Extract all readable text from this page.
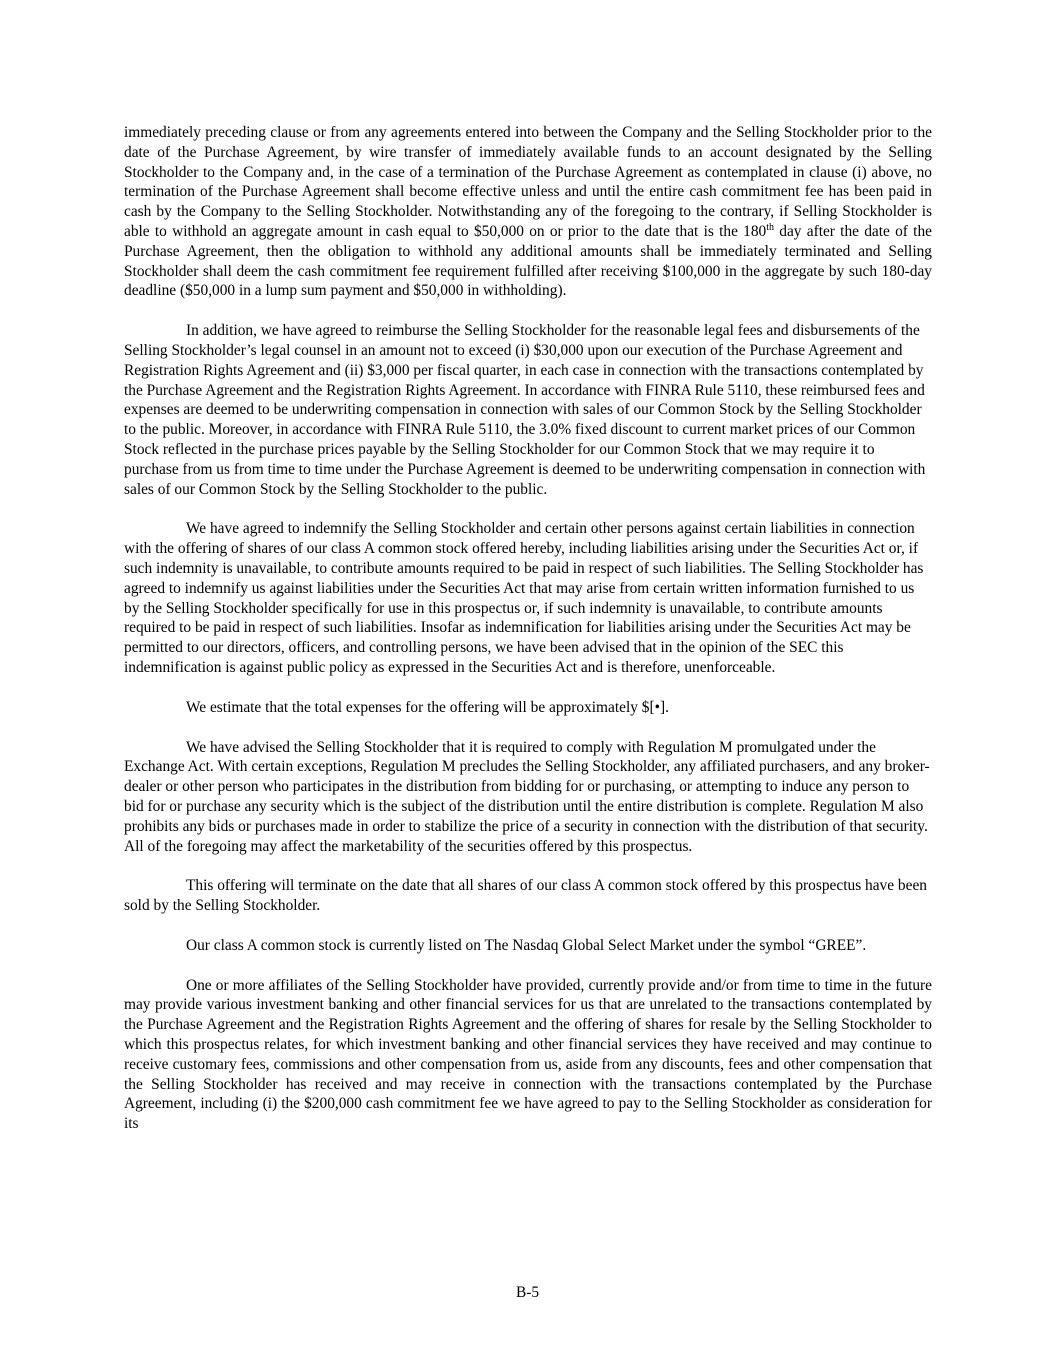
immediately preceding clause or from any agreements entered into between the Company and the Selling Stockholder prior to the date of the Purchase Agreement, by wire transfer of immediately available funds to an account designated by the Selling Stockholder to the Company and, in the case of a termination of the Purchase Agreement as contemplated in clause (i) above, no termination of the Purchase Agreement shall become effective unless and until the entire cash commitment fee has been paid in cash by the Company to the Selling Stockholder. Notwithstanding any of the foregoing to the contrary, if Selling Stockholder is able to withhold an aggregate amount in cash equal to $50,000 on or prior to the date that is the 180th day after the date of the Purchase Agreement, then the obligation to withhold any additional amounts shall be immediately terminated and Selling Stockholder shall deem the cash commitment fee requirement fulfilled after receiving $100,000 in the aggregate by such 180-day deadline ($50,000 in a lump sum payment and $50,000 in withholding).

In addition, we have agreed to reimburse the Selling Stockholder for the reasonable legal fees and disbursements of the Selling Stockholder’s legal counsel in an amount not to exceed (i) $30,000 upon our execution of the Purchase Agreement and Registration Rights Agreement and (ii) $3,000 per fiscal quarter, in each case in connection with the transactions contemplated by the Purchase Agreement and the Registration Rights Agreement. In accordance with FINRA Rule 5110, these reimbursed fees and expenses are deemed to be underwriting compensation in connection with sales of our Common Stock by the Selling Stockholder to the public. Moreover, in accordance with FINRA Rule 5110, the 3.0% fixed discount to current market prices of our Common Stock reflected in the purchase prices payable by the Selling Stockholder for our Common Stock that we may require it to purchase from us from time to time under the Purchase Agreement is deemed to be underwriting compensation in connection with sales of our Common Stock by the Selling Stockholder to the public.

We have agreed to indemnify the Selling Stockholder and certain other persons against certain liabilities in connection with the offering of shares of our class A common stock offered hereby, including liabilities arising under the Securities Act or, if such indemnity is unavailable, to contribute amounts required to be paid in respect of such liabilities. The Selling Stockholder has agreed to indemnify us against liabilities under the Securities Act that may arise from certain written information furnished to us by the Selling Stockholder specifically for use in this prospectus or, if such indemnity is unavailable, to contribute amounts required to be paid in respect of such liabilities. Insofar as indemnification for liabilities arising under the Securities Act may be permitted to our directors, officers, and controlling persons, we have been advised that in the opinion of the SEC this indemnification is against public policy as expressed in the Securities Act and is therefore, unenforceable.

We estimate that the total expenses for the offering will be approximately $[•].

We have advised the Selling Stockholder that it is required to comply with Regulation M promulgated under the Exchange Act. With certain exceptions, Regulation M precludes the Selling Stockholder, any affiliated purchasers, and any broker-dealer or other person who participates in the distribution from bidding for or purchasing, or attempting to induce any person to bid for or purchase any security which is the subject of the distribution until the entire distribution is complete. Regulation M also prohibits any bids or purchases made in order to stabilize the price of a security in connection with the distribution of that security. All of the foregoing may affect the marketability of the securities offered by this prospectus.

This offering will terminate on the date that all shares of our class A common stock offered by this prospectus have been sold by the Selling Stockholder.

Our class A common stock is currently listed on The Nasdaq Global Select Market under the symbol “GREE”.

One or more affiliates of the Selling Stockholder have provided, currently provide and/or from time to time in the future may provide various investment banking and other financial services for us that are unrelated to the transactions contemplated by the Purchase Agreement and the Registration Rights Agreement and the offering of shares for resale by the Selling Stockholder to which this prospectus relates, for which investment banking and other financial services they have received and may continue to receive customary fees, commissions and other compensation from us, aside from any discounts, fees and other compensation that the Selling Stockholder has received and may receive in connection with the transactions contemplated by the Purchase Agreement, including (i) the $200,000 cash commitment fee we have agreed to pay to the Selling Stockholder as consideration for its

B-5
